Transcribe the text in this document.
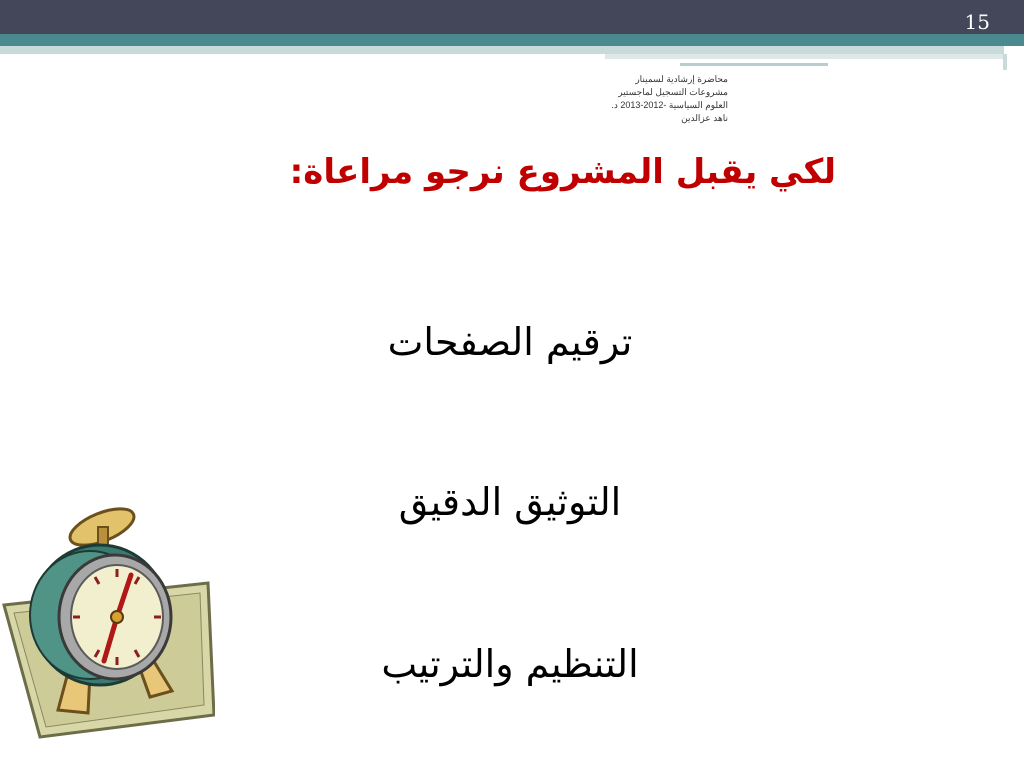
15
محاضرة إرشادية لسمينار
مشروعات التسجيل لماجستير
العلوم السياسية -2012-2013 د.
ناهد عزالدين
لكي يقبل المشروع نرجو مراعاة:
ترقيم الصفحات
التوثيق الدقيق
التنظيم والترتيب
